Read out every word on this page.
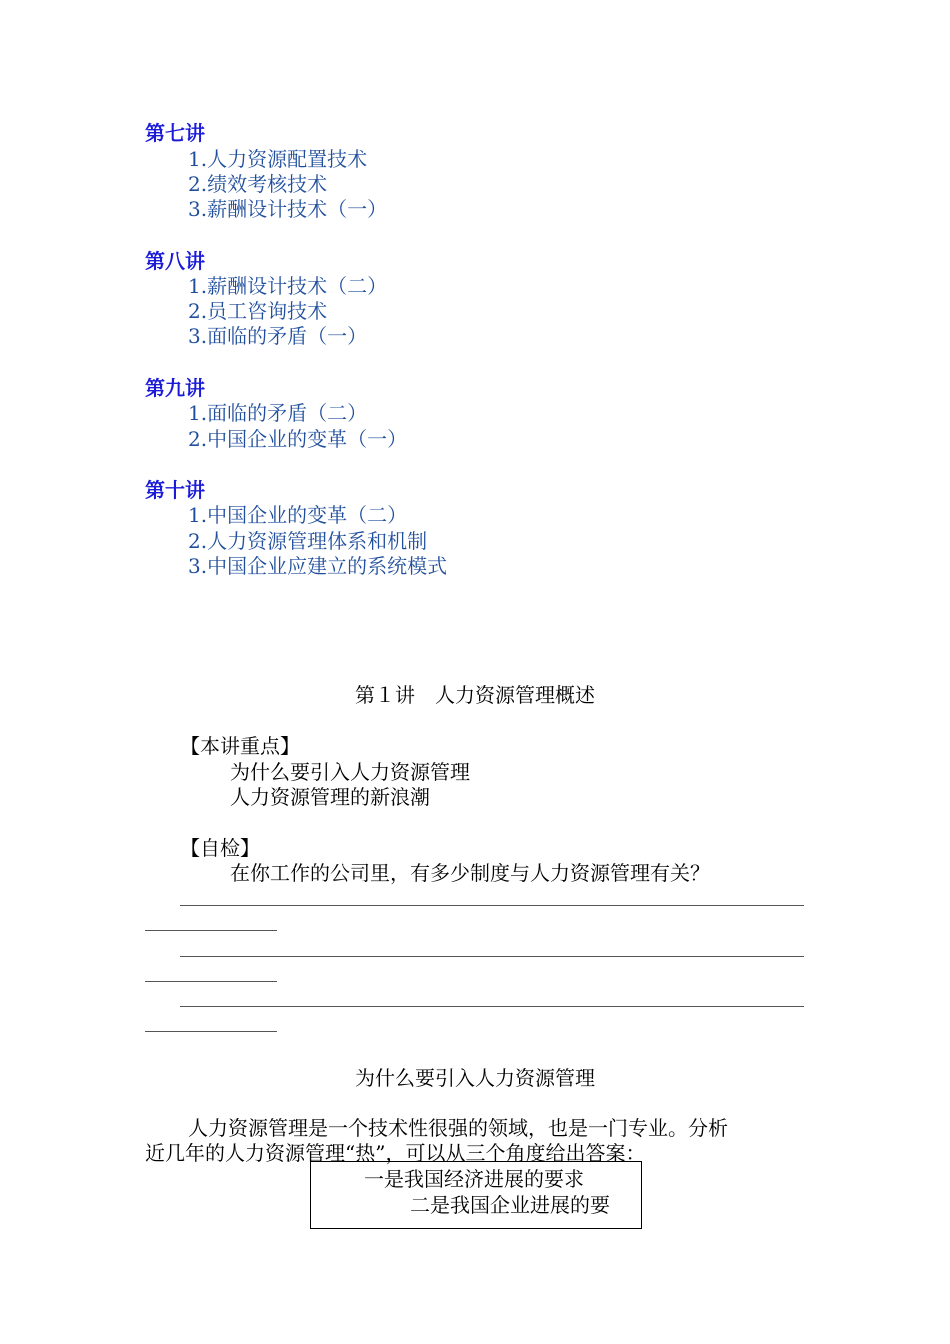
第七讲
1.人力资源配置技术
2.绩效考核技术
3.薪酬设计技术（一）
第八讲
1.薪酬设计技术（二）
2.员工咨询技术
3.面临的矛盾（一）
第九讲
1.面临的矛盾（二）
2.中国企业的变革（一）
第十讲
1.中国企业的变革（二）
2.人力资源管理体系和机制
3.中国企业应建立的系统模式
第１讲　人力资源管理概述
【本讲重点】
为什么要引入人力资源管理
人力资源管理的新浪潮
【自检】
在你工作的公司里，有多少制度与人力资源管理有关？
为什么要引入人力资源管理
人力资源管理是一个技术性很强的领域，也是一门专业。分析
近几年的人力资源管理“热”，可以从三个角度给出答案：
一是我国经济进展的要求
二是我国企业进展的要
